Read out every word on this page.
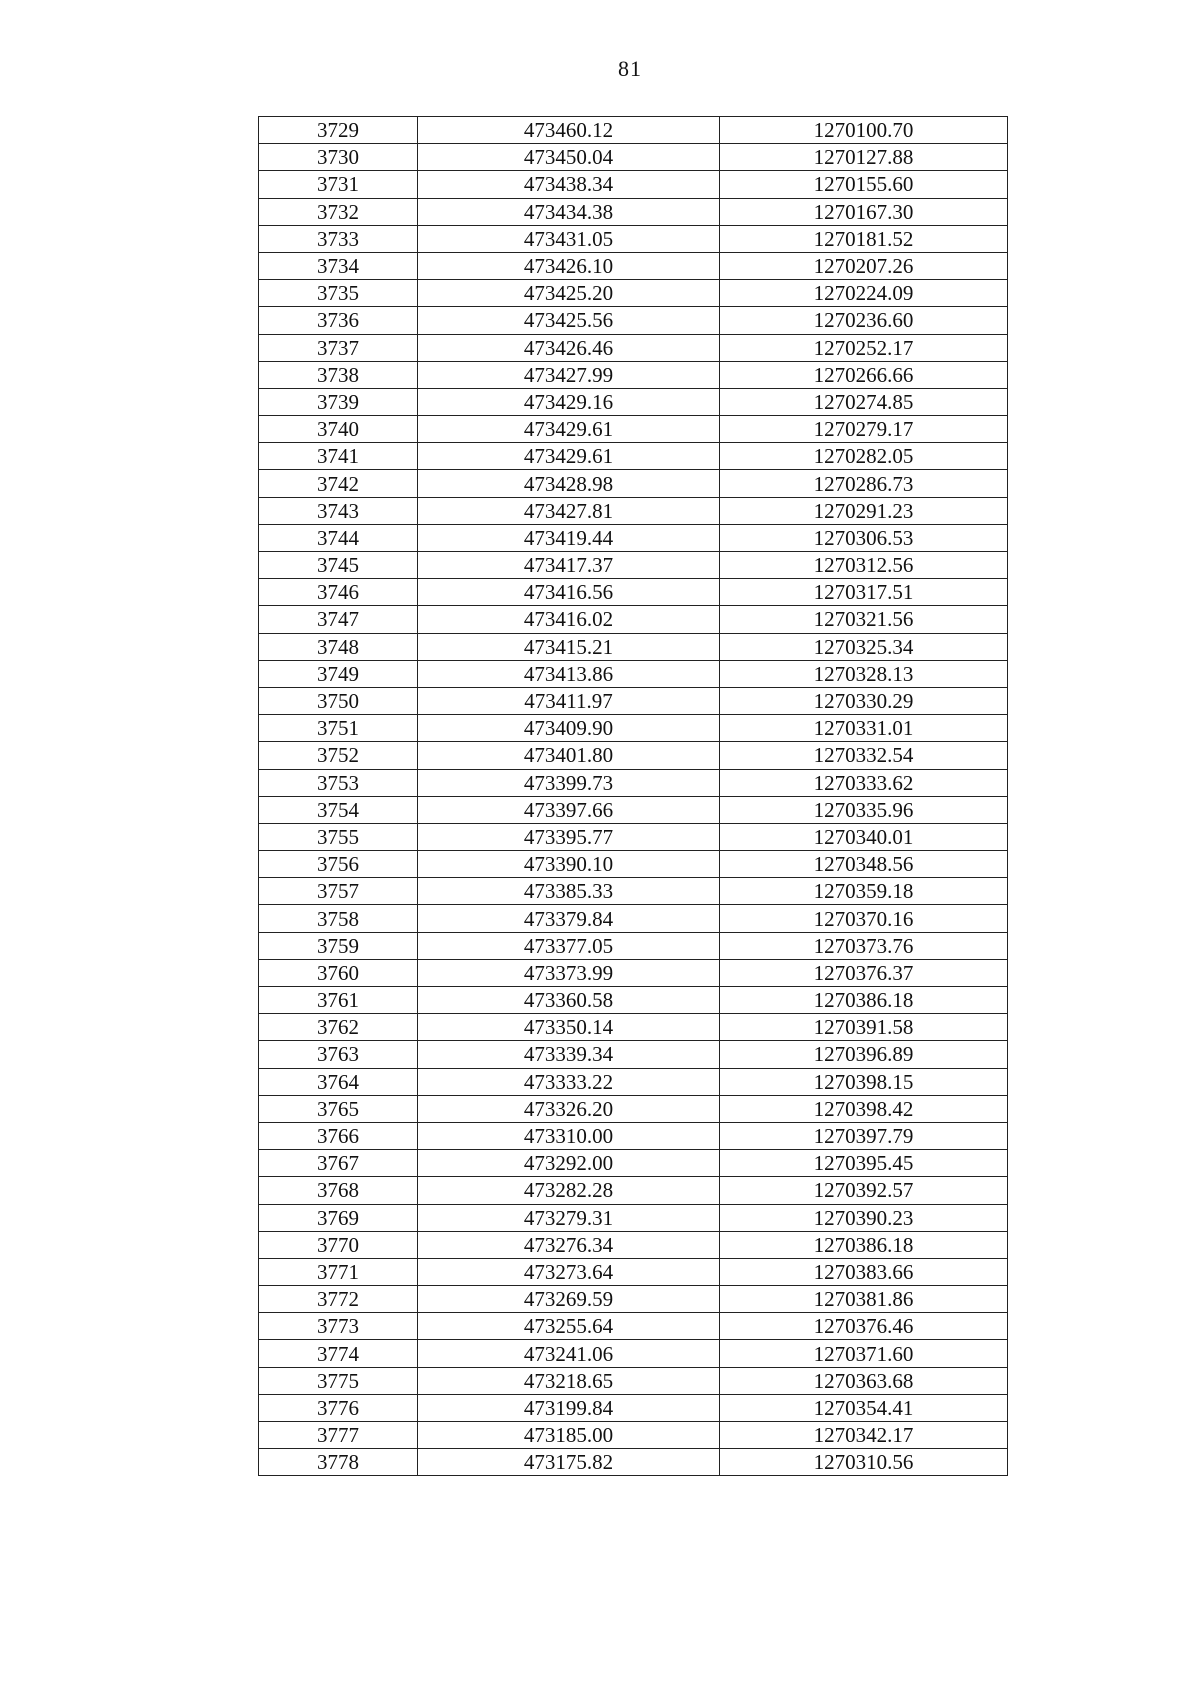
81
3729	473460.12	1270100.70
3730	473450.04	1270127.88
3731	473438.34	1270155.60
3732	473434.38	1270167.30
3733	473431.05	1270181.52
3734	473426.10	1270207.26
3735	473425.20	1270224.09
3736	473425.56	1270236.60
3737	473426.46	1270252.17
3738	473427.99	1270266.66
3739	473429.16	1270274.85
3740	473429.61	1270279.17
3741	473429.61	1270282.05
3742	473428.98	1270286.73
3743	473427.81	1270291.23
3744	473419.44	1270306.53
3745	473417.37	1270312.56
3746	473416.56	1270317.51
3747	473416.02	1270321.56
3748	473415.21	1270325.34
3749	473413.86	1270328.13
3750	473411.97	1270330.29
3751	473409.90	1270331.01
3752	473401.80	1270332.54
3753	473399.73	1270333.62
3754	473397.66	1270335.96
3755	473395.77	1270340.01
3756	473390.10	1270348.56
3757	473385.33	1270359.18
3758	473379.84	1270370.16
3759	473377.05	1270373.76
3760	473373.99	1270376.37
3761	473360.58	1270386.18
3762	473350.14	1270391.58
3763	473339.34	1270396.89
3764	473333.22	1270398.15
3765	473326.20	1270398.42
3766	473310.00	1270397.79
3767	473292.00	1270395.45
3768	473282.28	1270392.57
3769	473279.31	1270390.23
3770	473276.34	1270386.18
3771	473273.64	1270383.66
3772	473269.59	1270381.86
3773	473255.64	1270376.46
3774	473241.06	1270371.60
3775	473218.65	1270363.68
3776	473199.84	1270354.41
3777	473185.00	1270342.17
3778	473175.82	1270310.56
